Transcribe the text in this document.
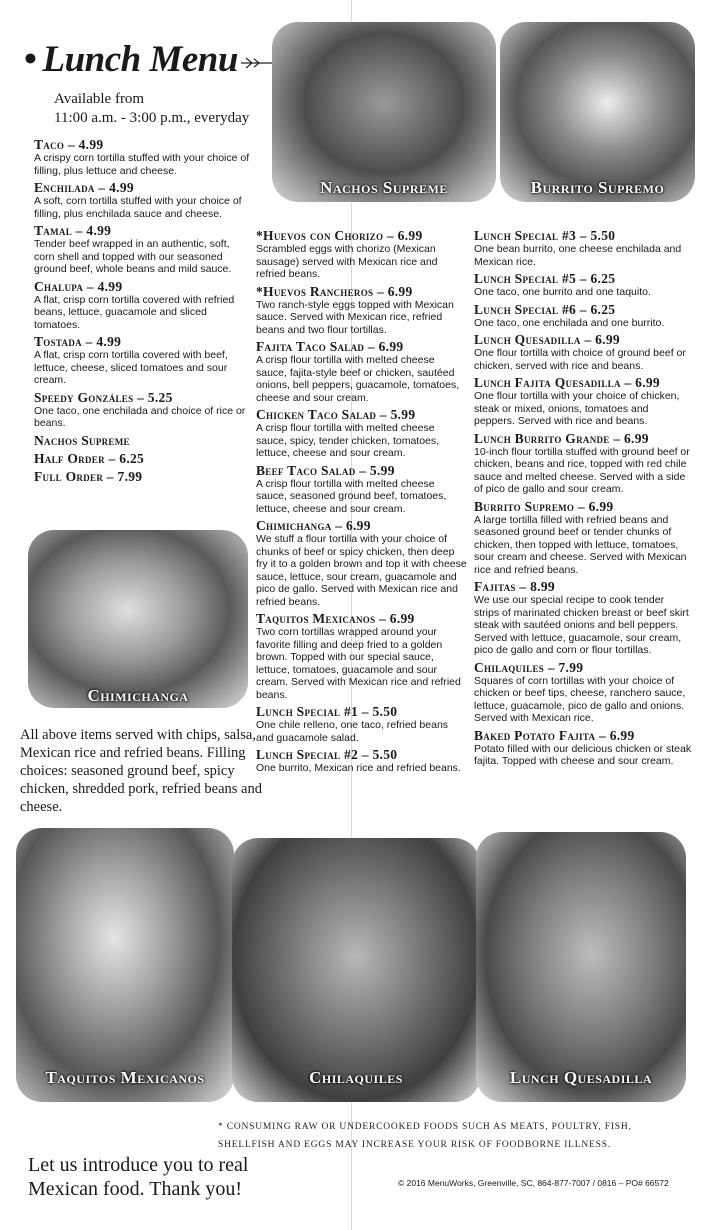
• Lunch Menu
Available from
11:00 a.m. - 3:00 p.m., everyday
Nachos Supreme	Burrito Supremo
Taco – 4.99
A crispy corn tortilla stuffed with your choice of filling, plus lettuce and cheese.
Enchilada – 4.99
A soft, corn tortilla stuffed with your choice of filling, plus enchilada sauce and cheese.
Tamal – 4.99
Tender beef wrapped in an authentic, soft, corn shell and topped with our seasoned ground beef, whole beans and mild sauce.
Chalupa – 4.99
A flat, crisp corn tortilla covered with refried beans, lettuce, guacamole and sliced tomatoes.
Tostada – 4.99
A flat, crisp corn tortilla covered with beef, lettuce, cheese, sliced tomatoes and sour cream.
Speedy Gonzáles – 5.25
One taco, one enchilada and choice of rice or beans.
Nachos Supreme
Half Order – 6.25
Full Order – 7.99
*Huevos con Chorizo – 6.99
Scrambled eggs with chorizo (Mexican sausage) served with Mexican rice and refried beans.
*Huevos Rancheros – 6.99
Two ranch-style eggs topped with Mexican sauce. Served with Mexican rice, refried beans and two flour tortillas.
Fajita Taco Salad – 6.99
A crisp flour tortilla with melted cheese sauce, fajita-style beef or chicken, sautéed onions, bell peppers, guacamole, tomatoes, cheese and sour cream.
Chicken Taco Salad – 5.99
A crisp flour tortilla with melted cheese sauce, spicy, tender chicken, tomatoes, lettuce, cheese and sour cream.
Beef Taco Salad – 5.99
A crisp flour tortilla with melted cheese sauce, seasoned ground beef, tomatoes, lettuce, cheese and sour cream.
Chimichanga – 6.99
We stuff a flour tortilla with your choice of chunks of beef or spicy chicken, then deep fry it to a golden brown and top it with cheese sauce, lettuce, sour cream, guacamole and pico de gallo. Served with Mexican rice and refried beans.
Taquitos Mexicanos – 6.99
Two corn tortillas wrapped around your favorite filling and deep fried to a golden brown. Topped with our special sauce, lettuce, tomatoes, guacamole and sour cream. Served with Mexican rice and refried beans.
Lunch Special #1 – 5.50
One chile relleno, one taco, refried beans and guacamole salad.
Lunch Special #2 – 5.50
One burrito, Mexican rice and refried beans.
Lunch Special #3 – 5.50
One bean burrito, one cheese enchilada and Mexican rice.
Lunch Special #5 – 6.25
One taco, one burrito and one taquito.
Lunch Special #6 – 6.25
One taco, one enchilada and one burrito.
Lunch Quesadilla – 6.99
One flour tortilla with choice of ground beef or chicken, served with rice and beans.
Lunch Fajita Quesadilla – 6.99
One flour tortilla with your choice of chicken, steak or mixed, onions, tomatoes and peppers. Served with rice and beans.
Lunch Burrito Grande – 6.99
10-inch flour tortilla stuffed with ground beef or chicken, beans and rice, topped with red chile sauce and melted cheese. Served with a side of pico de gallo and sour cream.
Burrito Supremo – 6.99
A large tortilla filled with refried beans and seasoned ground beef or tender chunks of chicken, then topped with lettuce, tomatoes, sour cream and cheese. Served with Mexican rice and refried beans.
Fajitas – 8.99
We use our special recipe to cook tender strips of marinated chicken breast or beef skirt steak with sautéed onions and bell peppers. Served with lettuce, guacamole, sour cream, pico de gallo and corn or flour tortillas.
Chilaquiles – 7.99
Squares of corn tortillas with your choice of chicken or beef tips, cheese, ranchero sauce, lettuce, guacamole, pico de gallo and onions. Served with Mexican rice.
Baked Potato Fajita – 6.99
Potato filled with our delicious chicken or steak fajita. Topped with cheese and sour cream.
Chimichanga
All above items served with chips, salsa, Mexican rice and refried beans. Filling choices: seasoned ground beef, spicy chicken, shredded pork, refried beans and cheese.
Taquitos Mexicanos	Chilaquiles	Lunch Quesadilla
* CONSUMING RAW OR UNDERCOOKED FOODS SUCH AS MEATS, POULTRY, FISH, SHELLFISH AND EGGS MAY INCREASE YOUR RISK OF FOODBORNE ILLNESS.
Let us introduce you to real
Mexican food. Thank you!	© 2016 MenuWorks, Greenville, SC, 864-877-7007 / 0816 – PO# 66572
